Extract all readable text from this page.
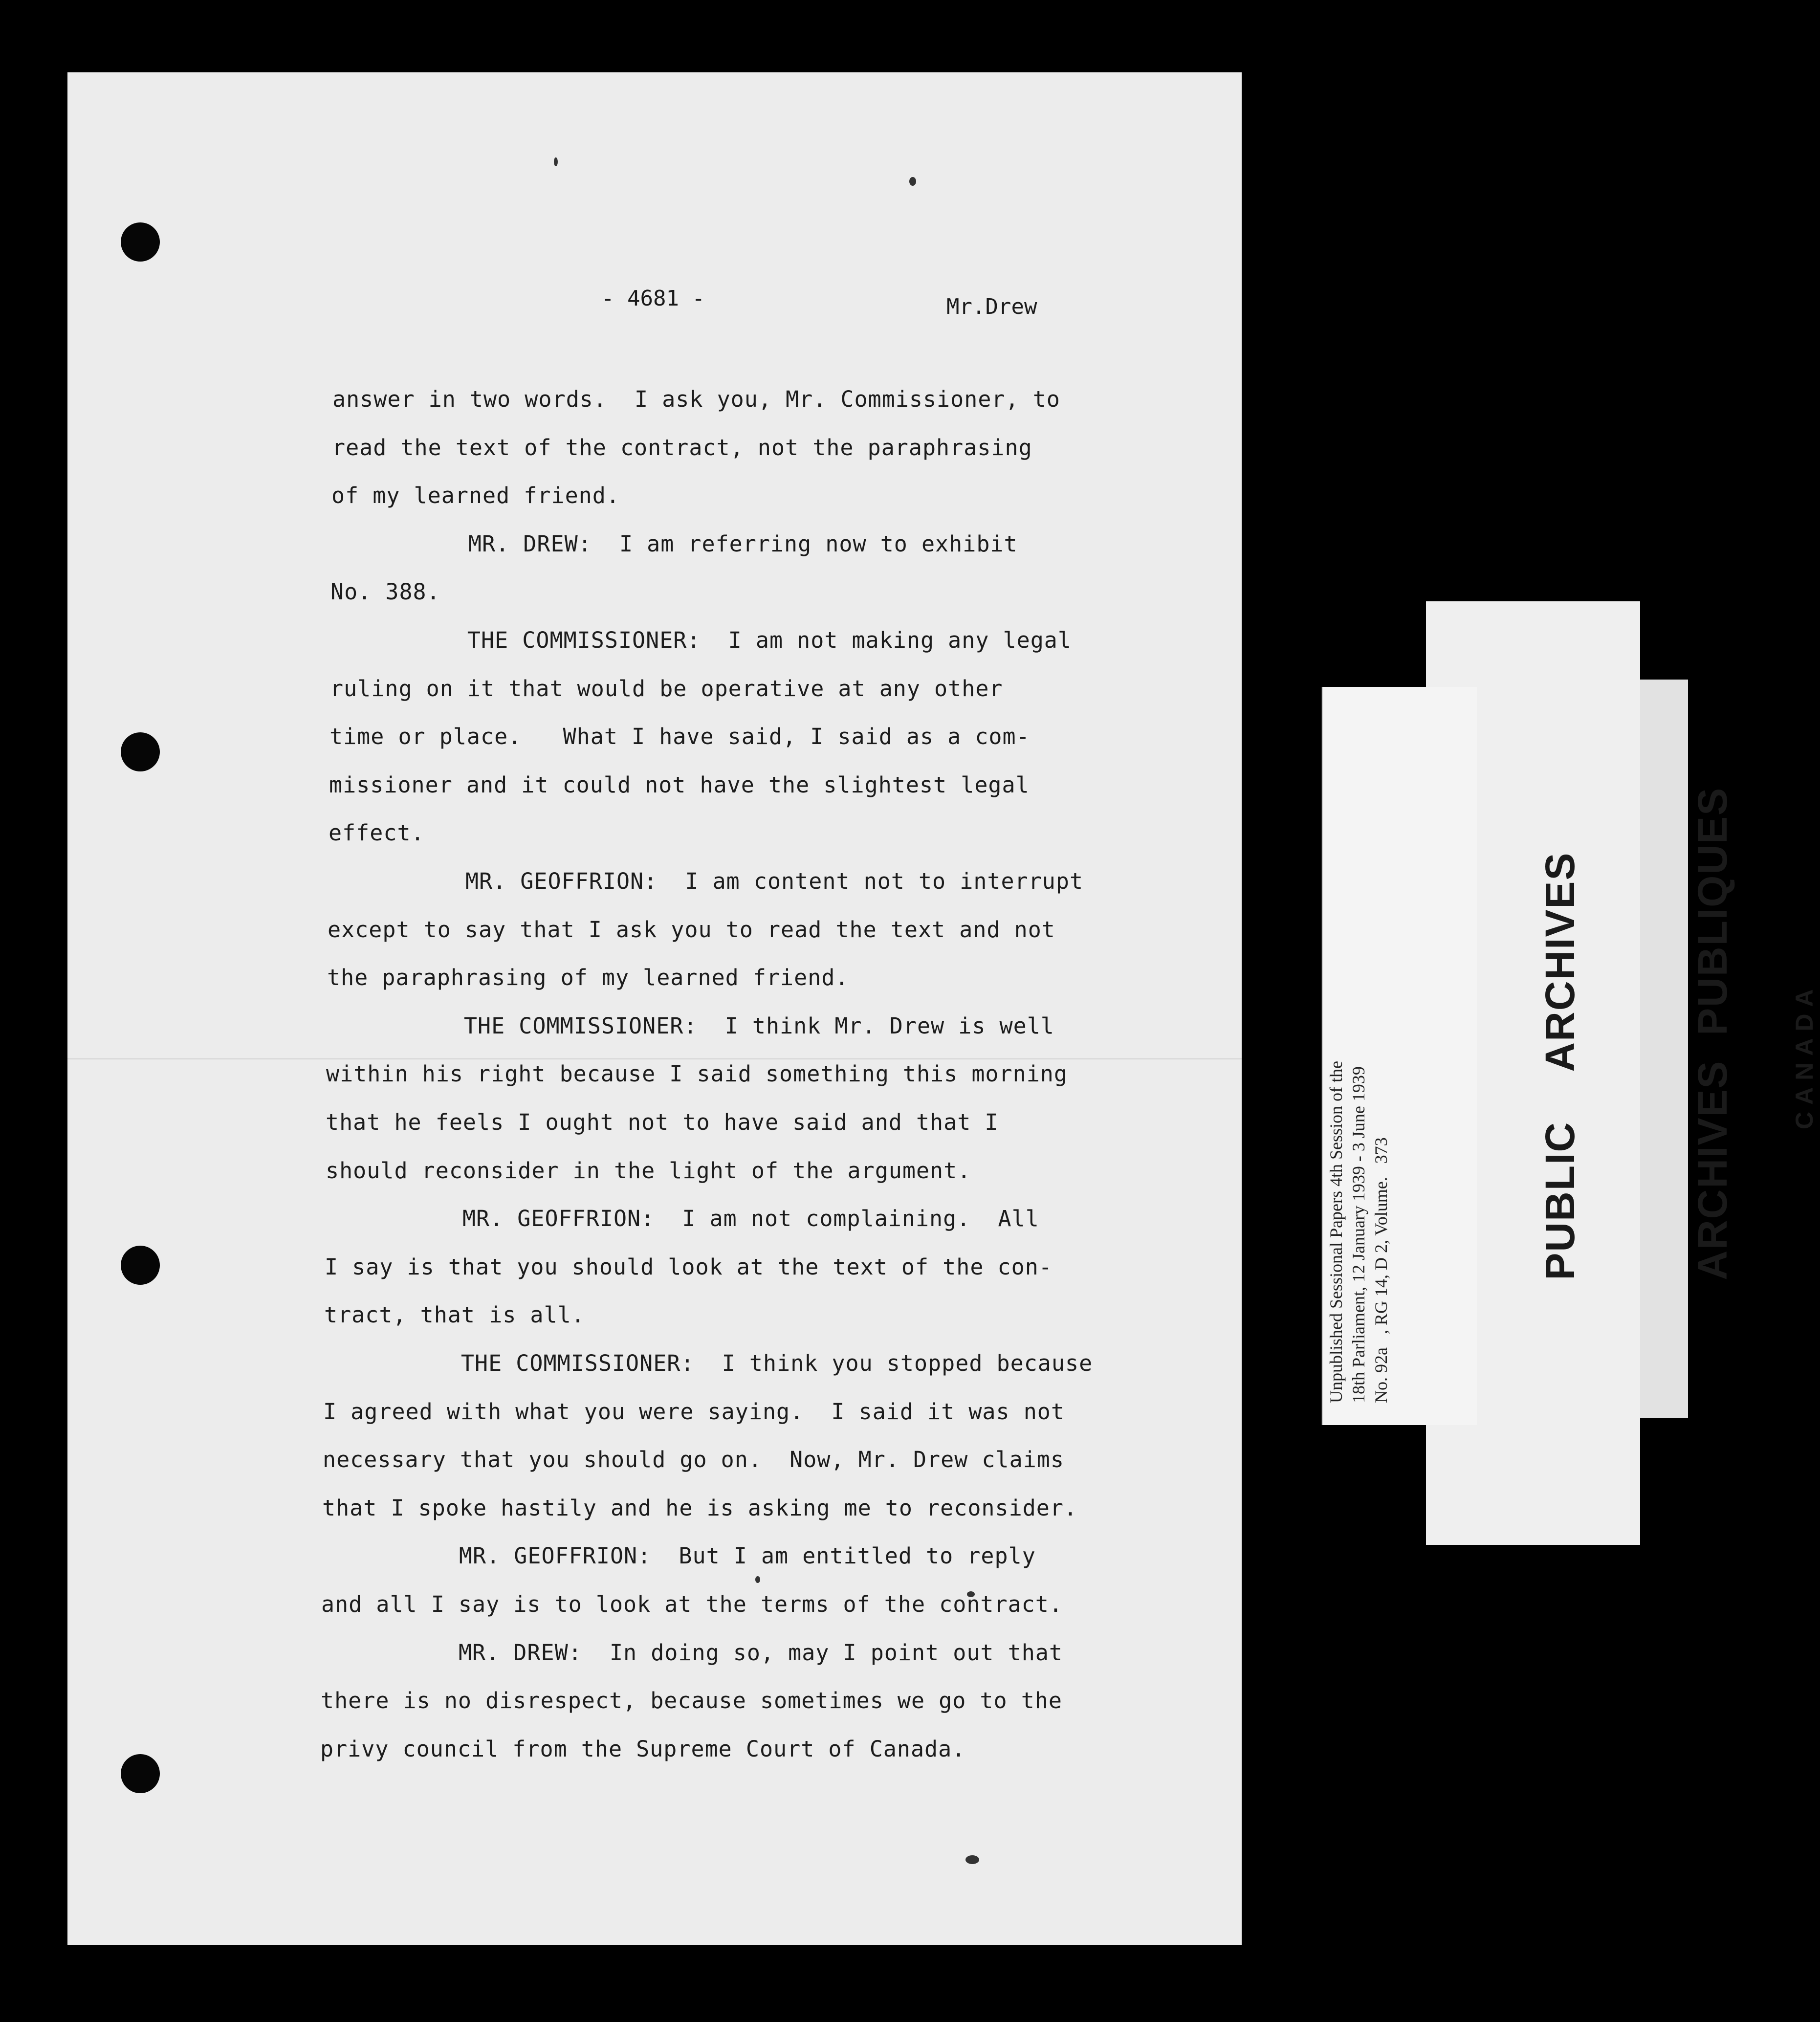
- 4681 -	Mr.Drew
answer in two words.  I ask you, Mr. Commissioner, to
read the text of the contract, not the paraphrasing
of my learned friend.
MR. DREW:  I am referring now to exhibit
No. 388.
THE COMMISSIONER:  I am not making any legal
ruling on it that would be operative at any other
time or place.   What I have said, I said as a com-
missioner and it could not have the slightest legal
effect.
MR. GEOFFRION:  I am content not to interrupt
except to say that I ask you to read the text and not
the paraphrasing of my learned friend.
THE COMMISSIONER:  I think Mr. Drew is well
within his right because I said something this morning
that he feels I ought not to have said and that I
should reconsider in the light of the argument.
MR. GEOFFRION:  I am not complaining.  All
I say is that you should look at the text of the con-
tract, that is all.
THE COMMISSIONER:  I think you stopped because
I agreed with what you were saying.  I said it was not
necessary that you should go on.  Now, Mr. Drew claims
that I spoke hastily and he is asking me to reconsider.
MR. GEOFFRION:  But I am entitled to reply
and all I say is to look at the terms of the contract.
MR. DREW:  In doing so, may I point out that
there is no disrespect, because sometimes we go to the
privy council from the Supreme Court of Canada.
Unpublished Sessional Papers 4th Session of the 18th Parliament, 12 January 1939 - 3 June 1939 No. 92a   , RG 14, D 2, Volume.   373	PUBLIC    ARCHIVES

ARCHIVES  PUBLIQUES

CANADA
